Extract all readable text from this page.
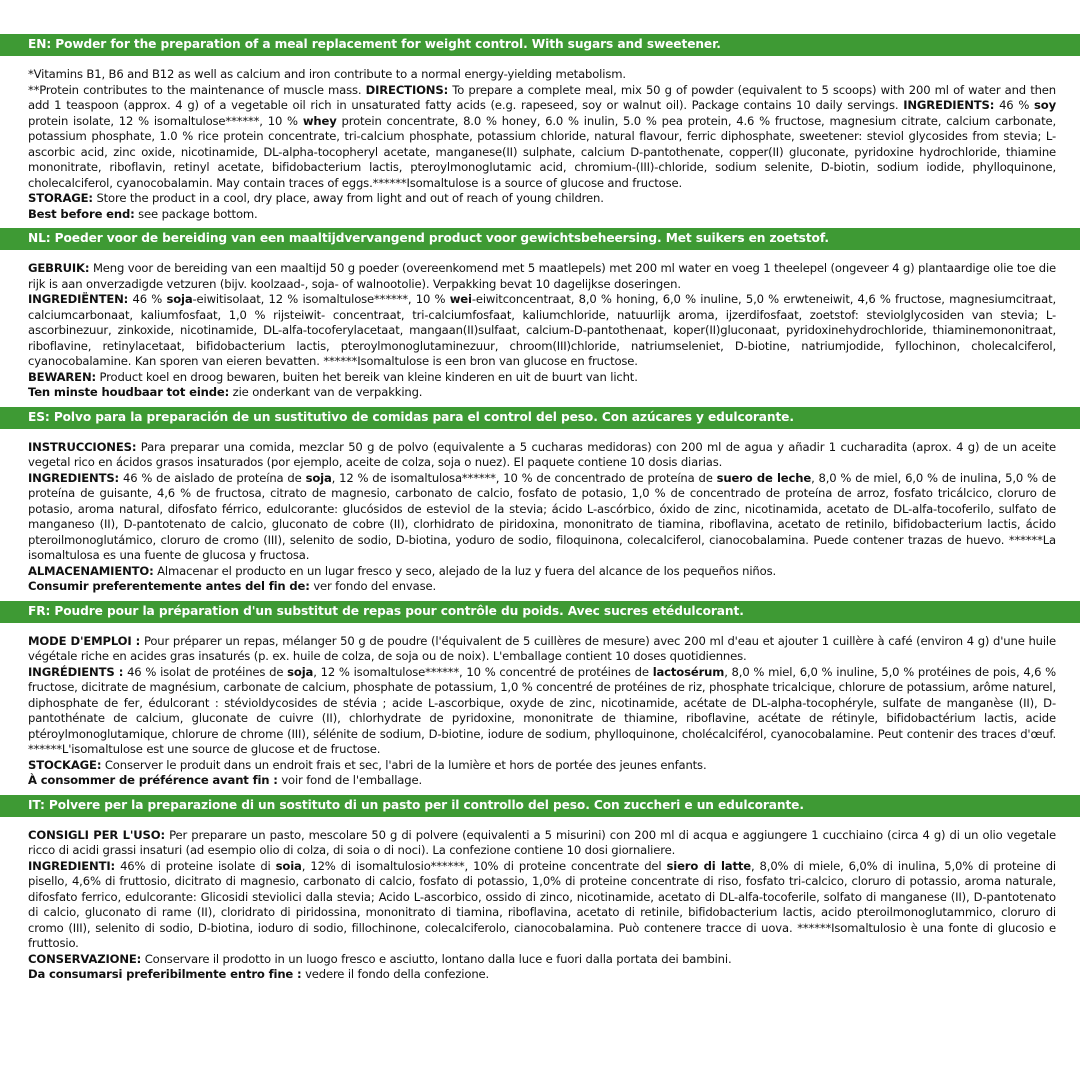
EN: Powder for the preparation of a meal replacement for weight control. With sugars and sweetener.

*Vitamins B1, B6 and B12 as well as calcium and iron contribute to a normal energy-yielding metabolism.

**Protein contributes to the maintenance of muscle mass. DIRECTIONS: To prepare a complete meal, mix 50 g of powder (equivalent to 5 scoops) with 200 ml of water and then add 1 teaspoon (approx. 4 g) of a vegetable oil rich in unsaturated fatty acids (e.g. rapeseed, soy or walnut oil). Package contains 10 daily servings. INGREDIENTS: 46 % soy protein isolate, 12 % isomaltulose******, 10 % whey protein concentrate, 8.0 % honey, 6.0 % inulin, 5.0 % pea protein, 4.6 % fructose, magnesium citrate, calcium carbonate, potassium phosphate, 1.0 % rice protein concentrate, tri-calcium phosphate, potassium chloride, natural flavour, ferric diphosphate, sweetener: steviol glycosides from stevia; L-ascorbic acid, zinc oxide, nicotinamide, DL-alpha-tocopheryl acetate, manganese(II) sulphate, calcium D-pantothenate, copper(II) gluconate, pyridoxine hydrochloride, thiamine mononitrate, riboflavin, retinyl acetate, bifidobacterium lactis, pteroylmonoglutamic acid, chromium-(III)-chloride, sodium selenite, D-biotin, sodium iodide, phylloquinone, cholecalciferol, cyanocobalamin. May contain traces of eggs.******Isomaltulose is a source of glucose and fructose.

STORAGE: Store the product in a cool, dry place, away from light and out of reach of young children.

Best before end: see package bottom.

NL: Poeder voor de bereiding van een maaltijdvervangend product voor gewichtsbeheersing. Met suikers en zoetstof.

GEBRUIK: Meng voor de bereiding van een maaltijd 50 g poeder (overeenkomend met 5 maatlepels) met 200 ml water en voeg 1 theelepel (ongeveer 4 g) plantaardige olie toe die rijk is aan onverzadigde vetzuren (bijv. koolzaad-, soja- of walnootolie). Verpakking bevat 10 dagelijkse doseringen.

INGREDIËNTEN: 46 % soja-eiwitisolaat, 12 % isomaltulose******, 10 % wei-eiwitconcentraat, 8,0 % honing, 6,0 % inuline, 5,0 % erwteneiwit, 4,6 % fructose, magnesiumcitraat, calciumcarbonaat, kaliumfosfaat, 1,0 % rijsteiwit- concentraat, tri-calciumfosfaat, kaliumchloride, natuurlijk aroma, ijzerdifosfaat, zoetstof: steviolglycosiden van stevia; L-ascorbinezuur, zinkoxide, nicotinamide, DL-alfa-tocoferylacetaat, mangaan(II)sulfaat, calcium-D-pantothenaat, koper(II)gluconaat, pyridoxinehydrochloride, thiaminemononitraat, riboflavine, retinylacetaat, bifidobacterium lactis, pteroylmonoglutaminezuur, chroom(III)chloride, natriumseleniet, D-biotine, natriumjodide, fyllochinon, cholecalciferol, cyanocobalamine. Kan sporen van eieren bevatten. ******Isomaltulose is een bron van glucose en fructose.

BEWAREN: Product koel en droog bewaren, buiten het bereik van kleine kinderen en uit de buurt van licht.

Ten minste houdbaar tot einde: zie onderkant van de verpakking.

ES: Polvo para la preparación de un sustitutivo de comidas para el control del peso. Con azúcares y edulcorante.

INSTRUCCIONES: Para preparar una comida, mezclar 50 g de polvo (equivalente a 5 cucharas medidoras) con 200 ml de agua y añadir 1 cucharadita (aprox. 4 g) de un aceite vegetal rico en ácidos grasos insaturados (por ejemplo, aceite de colza, soja o nuez). El paquete contiene 10 dosis diarias.

INGREDIENTS: 46 % de aislado de proteína de soja, 12 % de isomaltulosa******, 10 % de concentrado de proteína de suero de leche, 8,0 % de miel, 6,0 % de inulina, 5,0 % de proteína de guisante, 4,6 % de fructosa, citrato de magnesio, carbonato de calcio, fosfato de potasio, 1,0 % de concentrado de proteína de arroz, fosfato tricálcico, cloruro de potasio, aroma natural, difosfato férrico, edulcorante: glucósidos de esteviol de la stevia; ácido L-ascórbico, óxido de zinc, nicotinamida, acetato de DL-alfa-tocoferilo, sulfato de manganeso (II), D-pantotenato de calcio, gluconato de cobre (II), clorhidrato de piridoxina, mononitrato de tiamina, riboflavina, acetato de retinilo, bifidobacterium lactis, ácido pteroilmonoglutámico, cloruro de cromo (III), selenito de sodio, D-biotina, yoduro de sodio, filoquinona, colecalciferol, cianocobalamina. Puede contener trazas de huevo. ******La isomaltulosa es una fuente de glucosa y fructosa.

ALMACENAMIENTO: Almacenar el producto en un lugar fresco y seco, alejado de la luz y fuera del alcance de los pequeños niños.

Consumir preferentemente antes del fin de: ver fondo del envase.

FR: Poudre pour la préparation d'un substitut de repas pour contrôle du poids. Avec sucres etédulcorant.

MODE D'EMPLOI : Pour préparer un repas, mélanger 50 g de poudre (l'équivalent de 5 cuillères de mesure) avec 200 ml d'eau et ajouter 1 cuillère à café (environ 4 g) d'une huile végétale riche en acides gras insaturés (p. ex. huile de colza, de soja ou de noix). L'emballage contient 10 doses quotidiennes.

INGRÉDIENTS : 46 % isolat de protéines de soja, 12 % isomaltulose******, 10 % concentré de protéines de lactosérum, 8,0 % miel, 6,0 % inuline, 5,0 % protéines de pois, 4,6 % fructose, dicitrate de magnésium, carbonate de calcium, phosphate de potassium, 1,0 % concentré de protéines de riz, phosphate tricalcique, chlorure de potassium, arôme naturel, diphosphate de fer, édulcorant : stévioldycosides de stévia ; acide L-ascorbique, oxyde de zinc, nicotinamide, acétate de DL-alpha-tocophéryle, sulfate de manganèse (II), D-pantothénate de calcium, gluconate de cuivre (II), chlorhydrate de pyridoxine, mononitrate de thiamine, riboflavine, acétate de rétinyle, bifidobactérium lactis, acide ptéroylmonoglutamique, chlorure de chrome (III), sélénite de sodium, D-biotine, iodure de sodium, phylloquinone, cholécalciférol, cyanocobalamine. Peut contenir des traces d'œuf. ******L'isomaltulose est une source de glucose et de fructose.

STOCKAGE: Conserver le produit dans un endroit frais et sec, l'abri de la lumière et hors de portée des jeunes enfants.

À consommer de préférence avant fin : voir fond de l'emballage.

IT: Polvere per la preparazione di un sostituto di un pasto per il controllo del peso. Con zuccheri e un edulcorante.

CONSIGLI PER L'USO: Per preparare un pasto, mescolare 50 g di polvere (equivalenti a 5 misurini) con 200 ml di acqua e aggiungere 1 cucchiaino (circa 4 g) di un olio vegetale ricco di acidi grassi insaturi (ad esempio olio di colza, di soia o di noci). La confezione contiene 10 dosi giornaliere.

INGREDIENTI: 46% di proteine isolate di soia, 12% di isomaltulosio******, 10% di proteine concentrate del siero di latte, 8,0% di miele, 6,0% di inulina, 5,0% di proteine di pisello, 4,6% di fruttosio, dicitrato di magnesio, carbonato di calcio, fosfato di potassio, 1,0% di proteine concentrate di riso, fosfato tri-calcico, cloruro di potassio, aroma naturale, difosfato ferrico, edulcorante: Glicosidi steviolici dalla stevia; Acido L-ascorbico, ossido di zinco, nicotinamide, acetato di DL-alfa-tocoferile, solfato di manganese (II), D-pantotenato di calcio, gluconato di rame (II), cloridrato di piridossina, mononitrato di tiamina, riboflavina, acetato di retinile, bifidobacterium lactis, acido pteroilmonoglutammico, cloruro di cromo (III), selenito di sodio, D-biotina, ioduro di sodio, fillochinone, colecalciferolo, cianocobalamina. Può contenere tracce di uova. ******Isomaltulosio è una fonte di glucosio e fruttosio.

CONSERVAZIONE: Conservare il prodotto in un luogo fresco e asciutto, lontano dalla luce e fuori dalla portata dei bambini.

Da consumarsi preferibilmente entro fine : vedere il fondo della confezione.
